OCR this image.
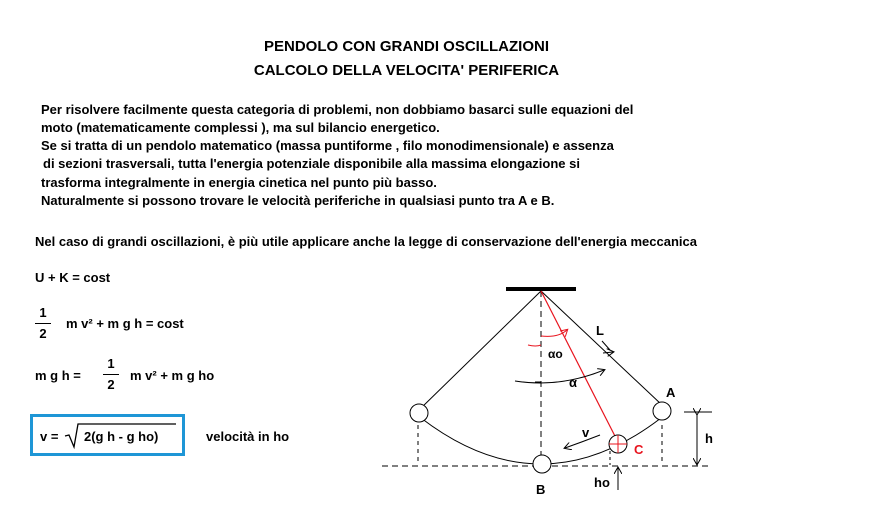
PENDOLO CON GRANDI OSCILLAZIONI
CALCOLO DELLA VELOCITA' PERIFERICA
Per risolvere facilmente questa categoria di problemi, non dobbiamo basarci sulle equazioni del
moto (matematicamente complessi ), ma sul bilancio energetico.
Se si tratta di un pendolo matematico (massa puntiforme , filo monodimensionale) e assenza
di sezioni trasversali, tutta l'energia potenziale disponibile alla massima elongazione si
trasforma integralmente in energia cinetica nel punto più basso.
Naturalmente si possono trovare le velocità periferiche in qualsiasi punto tra A e B.
Nel caso di grandi oscillazioni, è più utile applicare anche la legge di conservazione dell'energia meccanica
U + K = cost
1
2
m v² + m g h = cost
m g h =
1
2
m v² + m g ho
v = 2(g h - g ho)	velocità in ho
L
αo
α
A
B
C
v	h
ho
